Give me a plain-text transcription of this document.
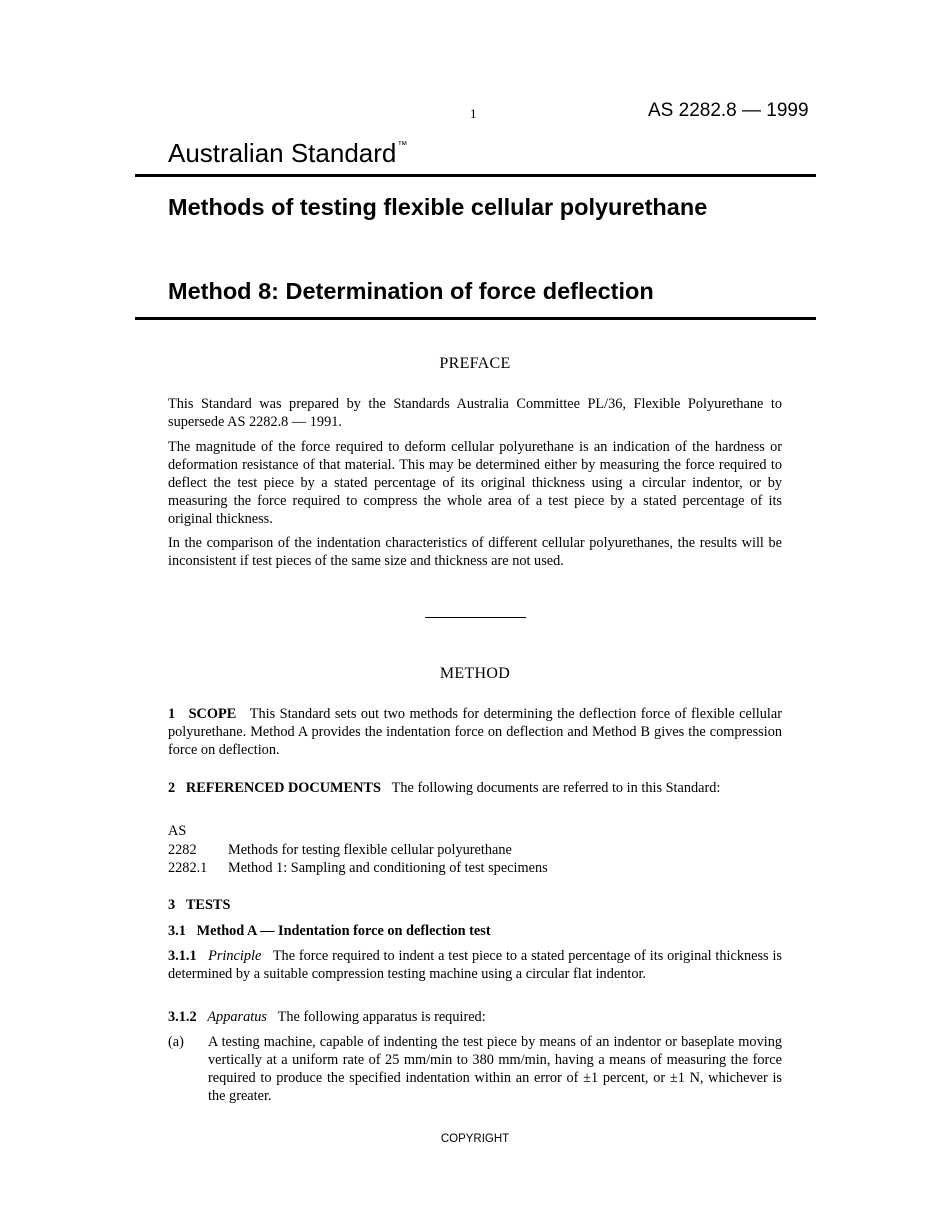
1	AS 2282.8 — 1999
Australian Standard™
Methods of testing flexible cellular polyurethane
Method 8: Determination of force deflection
PREFACE
This Standard was prepared by the Standards Australia Committee PL/36, Flexible Polyurethane to supersede AS 2282.8 — 1991.
The magnitude of the force required to deform cellular polyurethane is an indication of the hardness or deformation resistance of that material. This may be determined either by measuring the force required to deflect the test piece by a stated percentage of its original thickness using a circular indentor, or by measuring the force required to compress the whole area of a test piece by a stated percentage of its original thickness.
In the comparison of the indentation characteristics of different cellular polyurethanes, the results will be inconsistent if test pieces of the same size and thickness are not used.
METHOD
1 SCOPE This Standard sets out two methods for determining the deflection force of flexible cellular polyurethane. Method A provides the indentation force on deflection and Method B gives the compression force on deflection.
2 REFERENCED DOCUMENTS The following documents are referred to in this Standard:
AS
2282	Methods for testing flexible cellular polyurethane
2282.1	Method 1: Sampling and conditioning of test specimens
3 TESTS
3.1 Method A — Indentation force on deflection test
3.1.1 Principle The force required to indent a test piece to a stated percentage of its original thickness is determined by a suitable compression testing machine using a circular flat indentor.
3.1.2 Apparatus The following apparatus is required:
(a)	A testing machine, capable of indenting the test piece by means of an indentor or baseplate moving vertically at a uniform rate of 25 mm/min to 380 mm/min, having a means of measuring the force required to produce the specified indentation within an error of ±1 percent, or ±1 N, whichever is the greater.
COPYRIGHT
